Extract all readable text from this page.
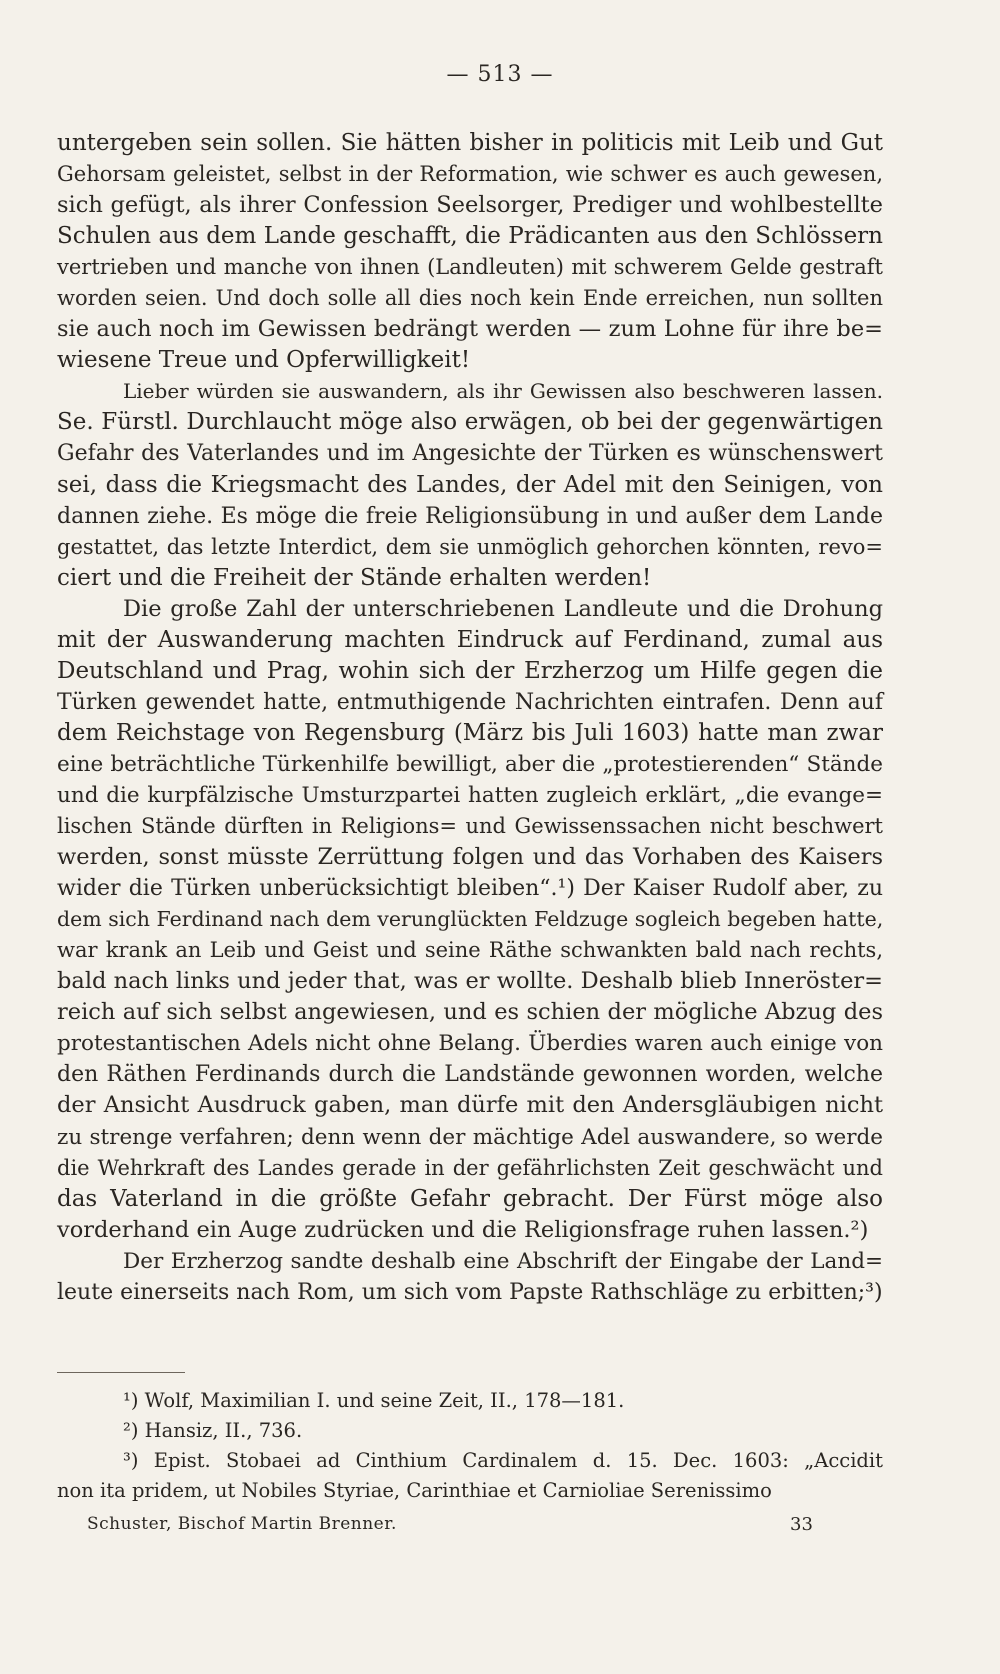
— 513 —
untergeben sein sollen. Sie hätten bisher in politicis mit Leib und Gut
Gehorsam geleistet, selbst in der Reformation, wie schwer es auch gewesen,
sich gefügt, als ihrer Confession Seelsorger, Prediger und wohlbestellte
Schulen aus dem Lande geschafft, die Prädicanten aus den Schlössern
vertrieben und manche von ihnen (Landleuten) mit schwerem Gelde gestraft
worden seien. Und doch solle all dies noch kein Ende erreichen, nun sollten
sie auch noch im Gewissen bedrängt werden — zum Lohne für ihre be=
wiesene Treue und Opferwilligkeit!
Lieber würden sie auswandern, als ihr Gewissen also beschweren lassen.
Se. Fürstl. Durchlaucht möge also erwägen, ob bei der gegenwärtigen
Gefahr des Vaterlandes und im Angesichte der Türken es wünschenswert
sei, dass die Kriegsmacht des Landes, der Adel mit den Seinigen, von
dannen ziehe. Es möge die freie Religionsübung in und außer dem Lande
gestattet, das letzte Interdict, dem sie unmöglich gehorchen könnten, revo=
ciert und die Freiheit der Stände erhalten werden!
Die große Zahl der unterschriebenen Landleute und die Drohung
mit der Auswanderung machten Eindruck auf Ferdinand, zumal aus
Deutschland und Prag, wohin sich der Erzherzog um Hilfe gegen die
Türken gewendet hatte, entmuthigende Nachrichten eintrafen. Denn auf
dem Reichstage von Regensburg (März bis Juli 1603) hatte man zwar
eine beträchtliche Türkenhilfe bewilligt, aber die „protestierenden“ Stände
und die kurpfälzische Umsturzpartei hatten zugleich erklärt, „die evange=
lischen Stände dürften in Religions= und Gewissenssachen nicht beschwert
werden, sonst müsste Zerrüttung folgen und das Vorhaben des Kaisers
wider die Türken unberücksichtigt bleiben“.¹) Der Kaiser Rudolf aber, zu
dem sich Ferdinand nach dem verunglückten Feldzuge sogleich begeben hatte,
war krank an Leib und Geist und seine Räthe schwankten bald nach rechts,
bald nach links und jeder that, was er wollte. Deshalb blieb Inneröster=
reich auf sich selbst angewiesen, und es schien der mögliche Abzug des
protestantischen Adels nicht ohne Belang. Überdies waren auch einige von
den Räthen Ferdinands durch die Landstände gewonnen worden, welche
der Ansicht Ausdruck gaben, man dürfe mit den Andersgläubigen nicht
zu strenge verfahren; denn wenn der mächtige Adel auswandere, so werde
die Wehrkraft des Landes gerade in der gefährlichsten Zeit geschwächt und
das Vaterland in die größte Gefahr gebracht. Der Fürst möge also
vorderhand ein Auge zudrücken und die Religionsfrage ruhen lassen.²)
Der Erzherzog sandte deshalb eine Abschrift der Eingabe der Land=
leute einerseits nach Rom, um sich vom Papste Rathschläge zu erbitten;³)
¹) Wolf, Maximilian I. und seine Zeit, II., 178—181.
²) Hansiz, II., 736.
³) Epist. Stobaei ad Cinthium Cardinalem d. 15. Dec. 1603: „Accidit
non ita pridem, ut Nobiles Styriae, Carinthiae et Carnioliae Serenissimo
Schuster, Bischof Martin Brenner.	33
